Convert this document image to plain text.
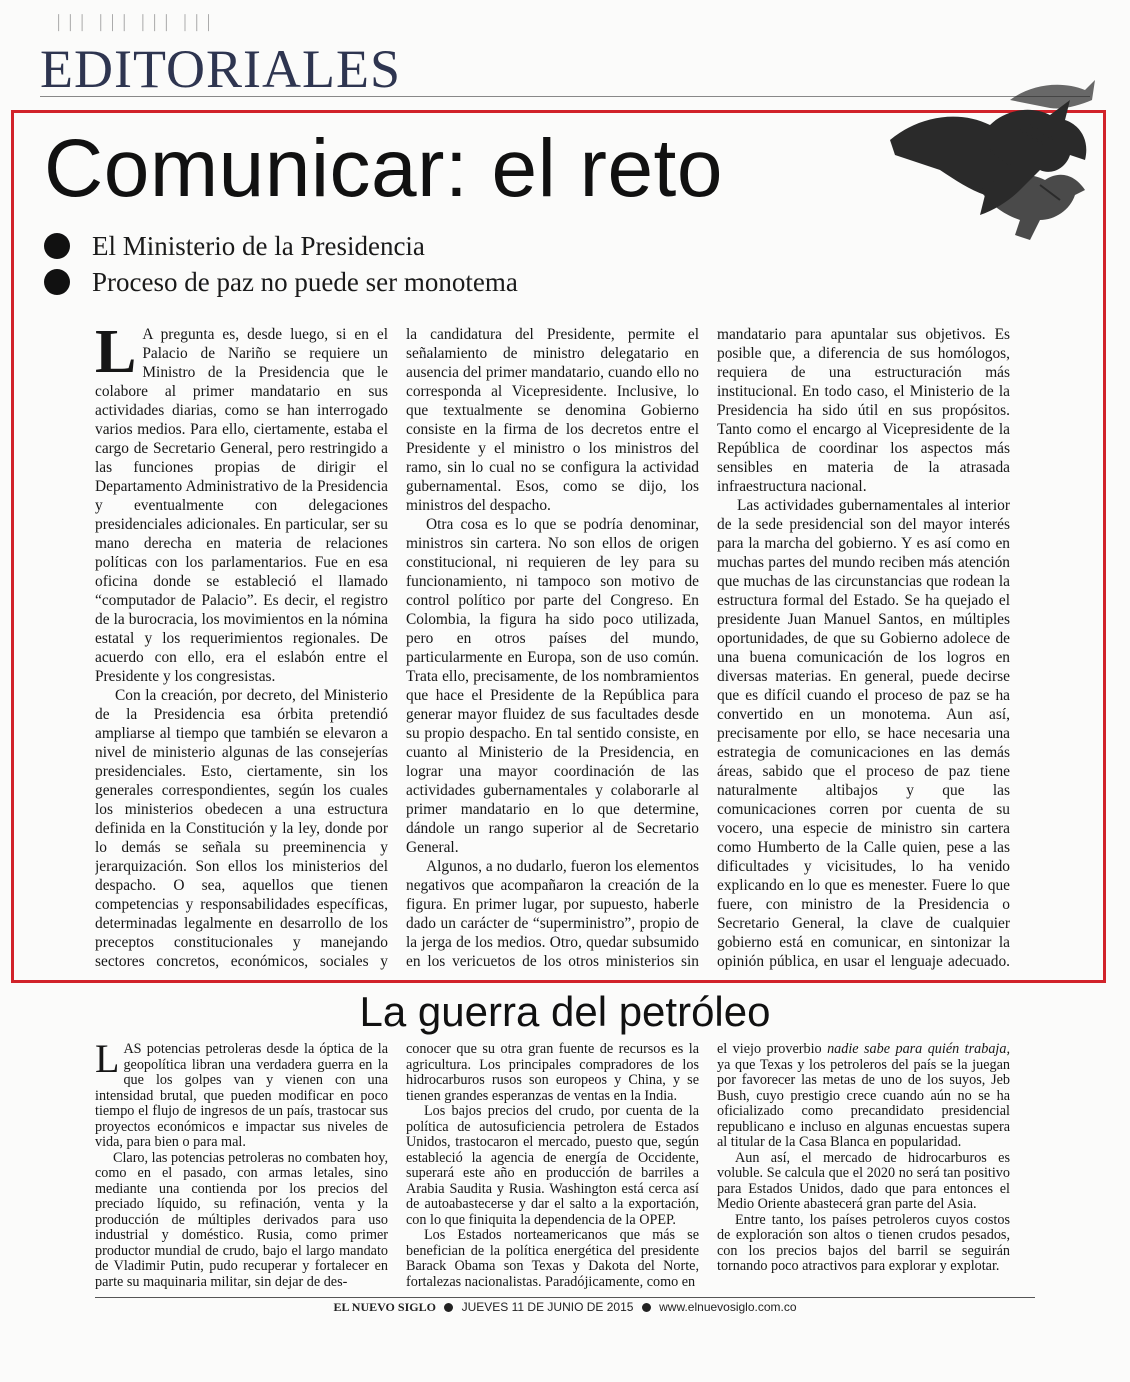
│││ │││ │││ │││
EDITORIALES
Comunicar: el reto
El Ministerio de la Presidencia
Proceso de paz no puede ser monotema

L A pregunta es, desde luego, si en el Palacio de Nariño se requiere un Ministro de la Presidencia que le colabore al primer mandatario en sus actividades diarias, como se han interrogado varios medios. Para ello, ciertamente, estaba el cargo de Secretario General, pero restringido a las funciones propias de dirigir el Departamento Administrativo de la Presidencia y eventualmente con delegaciones presidenciales adicionales. En particular, ser su mano derecha en materia de relaciones políticas con los parlamentarios. Fue en esa oficina donde se estableció el llamado “computador de Palacio”. Es decir, el registro de la burocracia, los movimientos en la nómina estatal y los requerimientos regionales. De acuerdo con ello, era el eslabón entre el Presidente y los congresistas.

Con la creación, por decreto, del Ministerio de la Presidencia esa órbita pretendió ampliarse al tiempo que también se elevaron a nivel de ministerio algunas de las consejerías presidenciales. Esto, ciertamente, sin los generales correspondientes, según los cuales los ministerios obedecen a una estructura definida en la Constitución y la ley, donde por lo demás se señala su preeminencia y jerarquización. Son ellos los ministerios del despacho. O sea, aquellos que tienen competencias y responsabilidades específicas, determinadas legalmente en desarrollo de los preceptos constitucionales y manejando sectores concretos, económicos, sociales y

la candidatura del Presidente, permite el señalamiento de ministro delegatario en ausencia del primer mandatario, cuando ello no corresponda al Vicepresidente. Inclusive, lo que textualmente se denomina Gobierno consiste en la firma de los decretos entre el Presidente y el ministro o los ministros del ramo, sin lo cual no se configura la actividad gubernamental. Esos, como se dijo, los ministros del despacho.

Otra cosa es lo que se podría denominar, ministros sin cartera. No son ellos de origen constitucional, ni requieren de ley para su funcionamiento, ni tampoco son motivo de control político por parte del Congreso. En Colombia, la figura ha sido poco utilizada, pero en otros países del mundo, particularmente en Europa, son de uso común. Trata ello, precisamente, de los nombramientos que hace el Presidente de la República para generar mayor fluidez de sus facultades desde su propio despacho. En tal sentido consiste, en cuanto al Ministerio de la Presidencia, en lograr una mayor coordinación de las actividades gubernamentales y colaborarle al primer mandatario en lo que determine, dándole un rango superior al de Secretario General.

Algunos, a no dudarlo, fueron los elementos negativos que acompañaron la creación de la figura. En primer lugar, por supuesto, haberle dado un carácter de “superministro”, propio de la jerga de los medios. Otro, quedar subsumido en los vericuetos de los otros ministerios sin

mandatario para apuntalar sus objetivos. Es posible que, a diferencia de sus homólogos, requiera de una estructuración más institucional. En todo caso, el Ministerio de la Presidencia ha sido útil en sus propósitos. Tanto como el encargo al Vicepresidente de la República de coordinar los aspectos más sensibles en materia de la atrasada infraestructura nacional.

Las actividades gubernamentales al interior de la sede presidencial son del mayor interés para la marcha del gobierno. Y es así como en muchas partes del mundo reciben más atención que muchas de las circunstancias que rodean la estructura formal del Estado. Se ha quejado el presidente Juan Manuel Santos, en múltiples oportunidades, de que su Gobierno adolece de una buena comunicación de los logros en diversas materias. En general, puede decirse que es difícil cuando el proceso de paz se ha convertido en un monotema. Aun así, precisamente por ello, se hace necesaria una estrategia de comunicaciones en las demás áreas, sabido que el proceso de paz tiene naturalmente altibajos y que las comunicaciones corren por cuenta de su vocero, una especie de ministro sin cartera como Humberto de la Calle quien, pese a las dificultades y vicisitudes, lo ha venido explicando en lo que es menester. Fuere lo que fuere, con ministro de la Presidencia o Secretario General, la clave de cualquier gobierno está en comunicar, en sintonizar la opinión pública, en usar el lenguaje adecuado.

La guerra del petróleo

LAS potencias petroleras desde la óptica de la geopolítica libran una verdadera guerra en la que los golpes van y vienen con una intensidad brutal, que pueden modificar en poco tiempo el flujo de ingresos de un país, trastocar sus proyectos económicos e impactar sus niveles de vida, para bien o para mal.

Claro, las potencias petroleras no combaten hoy, como en el pasado, con armas letales, sino mediante una contienda por los precios del preciado líquido, su refinación, venta y la producción de múltiples derivados para uso industrial y doméstico. Rusia, como primer productor mundial de crudo, bajo el largo mandato de Vladimir Putin, pudo recuperar y fortalecer en parte su maquinaria militar, sin dejar de des-

conocer que su otra gran fuente de recursos es la agricultura. Los principales compradores de los hidrocarburos rusos son europeos y China, y se tienen grandes esperanzas de ventas en la India.

Los bajos precios del crudo, por cuenta de la política de autosuficiencia petrolera de Estados Unidos, trastocaron el mercado, puesto que, según estableció la agencia de energía de Occidente, superará este año en producción de barriles a Arabia Saudita y Rusia. Washington está cerca así de autoabastecerse y dar el salto a la exportación, con lo que finiquita la dependencia de la OPEP.

Los Estados norteamericanos que más se benefician de la política energética del presidente Barack Obama son Texas y Dakota del Norte, fortalezas nacionalistas. Paradójicamente, como en

el viejo proverbio nadie sabe para quién trabaja, ya que Texas y los petroleros del país se la juegan por favorecer las metas de uno de los suyos, Jeb Bush, cuyo prestigio crece cuando aún no se ha oficializado como precandidato presidencial republicano e incluso en algunas encuestas supera al titular de la Casa Blanca en popularidad.

Aun así, el mercado de hidrocarburos es voluble. Se calcula que el 2020 no será tan positivo para Estados Unidos, dado que para entonces el Medio Oriente abastecerá gran parte del Asia.

Entre tanto, los países petroleros cuyos costos de exploración son altos o tienen crudos pesados, con los precios bajos del barril se seguirán tornando poco atractivos para explorar y explotar.

EL NUEVO SIGLO JUEVES 11 DE JUNIO DE 2015 www.elnuevosiglo.com.co
